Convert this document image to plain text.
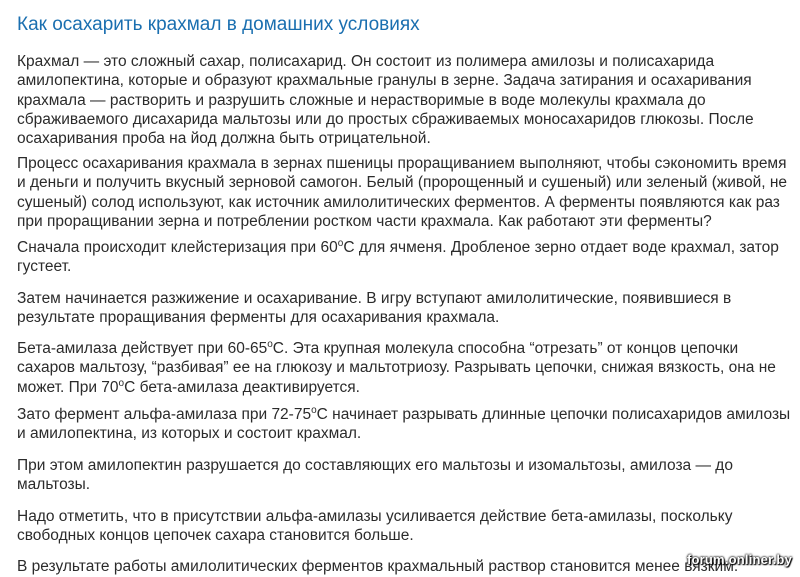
Как осахарить крахмал в домашних условиях

Крахмал — это сложный сахар, полисахарид. Он состоит из полимера амилозы и полисахарида
амилопектина, которые и образуют крахмальные гранулы в зерне. Задача затирания и осахаривания
крахмала — растворить и разрушить сложные и нерастворимые в воде молекулы крахмала до
сбраживаемого дисахарида мальтозы или до простых сбраживаемых моносахаридов глюкозы. После
осахаривания проба на йод должна быть отрицательной.

Процесс осахаривания крахмала в зернах пшеницы проращиванием выполняют, чтобы сэкономить время
и деньги и получить вкусный зерновой самогон. Белый (пророщенный и сушеный) или зеленый (живой, не
сушеный) солод используют, как источник амилолитических ферментов. А ферменты появляются как раз
при проращивании зерна и потреблении ростком части крахмала. Как работают эти ферменты?

Сначала происходит клейстеризация при 60$^o$С для ячменя. Дробленое зерно отдает воде крахмал, затор
густеет.

Затем начинается разжижение и осахаривание. В игру вступают амилолитические, появившиеся в
результате проращивания ферменты для осахаривания крахмала.

Бета-амилаза действует при 60-65$^o$С. Эта крупная молекула способна “отрезать” от концов цепочки
сахаров мальтозу, “разбивая” ее на глюкозу и мальтотриозу. Разрывать цепочки, снижая вязкость, она не
может. При 70$^o$С бета-амилаза деактивируется.

Зато фермент альфа-амилаза при 72-75$^o$С начинает разрывать длинные цепочки полисахаридов амилозы
и амилопектина, из которых и состоит крахмал.

При этом амилопектин разрушается до составляющих его мальтозы и изомальтозы, амилоза — до
мальтозы.

Надо отметить, что в присутствии альфа-амилазы усиливается действие бета-амилазы, поскольку
свободных концов цепочек сахара становится больше.

В результате работы амилолитических ферментов крахмальный раствор становится менее вязким.

forum.onliner.by
